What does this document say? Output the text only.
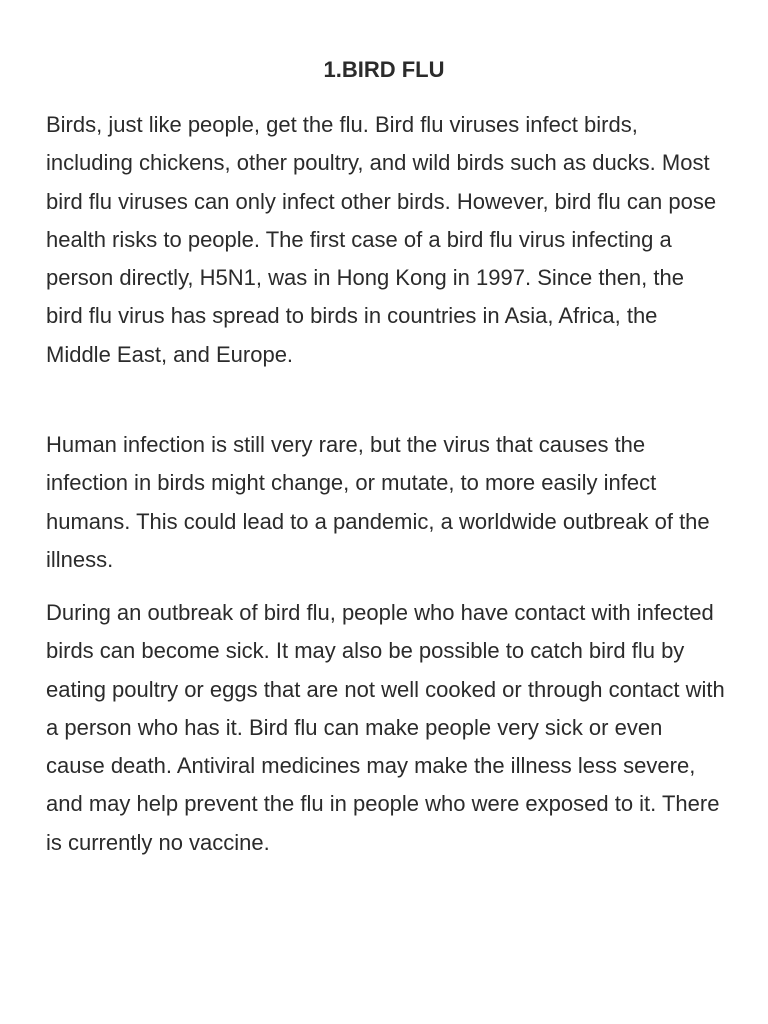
1.BIRD FLU

Birds, just like people, get the flu. Bird flu viruses infect birds, including chickens, other poultry, and wild birds such as ducks. Most bird flu viruses can only infect other birds. However, bird flu can pose health risks to people. The first case of a bird flu virus infecting a person directly, H5N1, was in Hong Kong in 1997. Since then, the bird flu virus has spread to birds in countries in Asia, Africa, the Middle East, and Europe.

Human infection is still very rare, but the virus that causes the infection in birds might change, or mutate, to more easily infect humans. This could lead to a pandemic, a worldwide outbreak of the illness.

During an outbreak of bird flu, people who have contact with infected birds can become sick. It may also be possible to catch bird flu by eating poultry or eggs that are not well cooked or through contact with a person who has it. Bird flu can make people very sick or even cause death. Antiviral medicines may make the illness less severe, and may help prevent the flu in people who were exposed to it. There is currently no vaccine.
